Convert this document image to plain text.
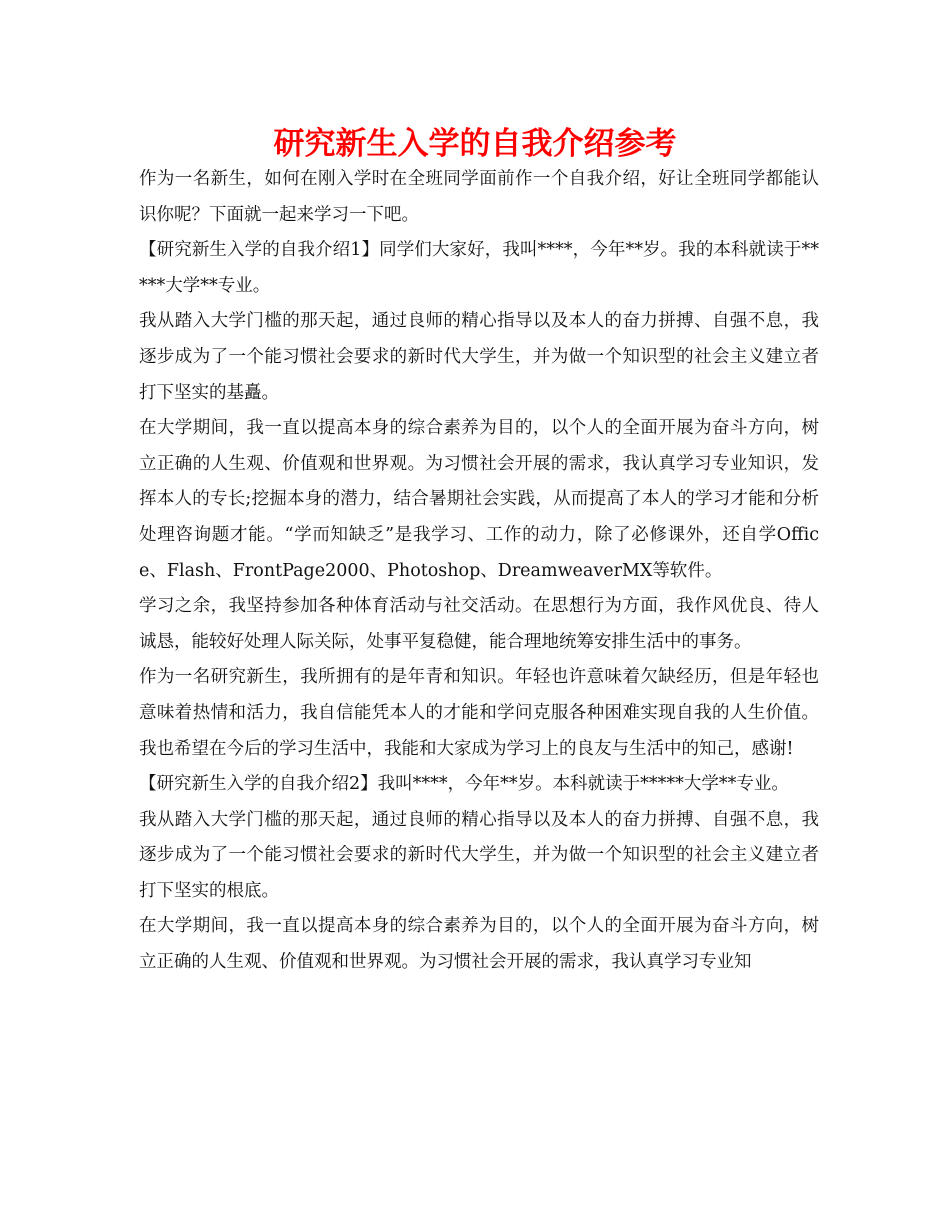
研究新生入学的自我介绍参考

作为一名新生，如何在刚入学时在全班同学面前作一个自我介绍，好让全班同学都能认识你呢？下面就一起来学习一下吧。

【研究新生入学的自我介绍1】同学们大家好，我叫****，今年**岁。我的本科就读于*****大学**专业。

我从踏入大学门槛的那天起，通过良师的精心指导以及本人的奋力拼搏、自强不息，我逐步成为了一个能习惯社会要求的新时代大学生，并为做一个知识型的社会主义建立者打下坚实的基矗。

在大学期间，我一直以提高本身的综合素养为目的，以个人的全面开展为奋斗方向，树立正确的人生观、价值观和世界观。为习惯社会开展的需求，我认真学习专业知识，发挥本人的专长;挖掘本身的潜力，结合暑期社会实践，从而提高了本人的学习才能和分析处理咨询题才能。“学而知缺乏”是我学习、工作的动力，除了必修课外，还自学Office、Flash、FrontPage2000、Photoshop、DreamweaverMX等软件。

学习之余，我坚持参加各种体育活动与社交活动。在思想行为方面，我作风优良、待人诚恳，能较好处理人际关际，处事平复稳健，能合理地统筹安排生活中的事务。

作为一名研究新生，我所拥有的是年青和知识。年轻也许意味着欠缺经历，但是年轻也意味着热情和活力，我自信能凭本人的才能和学问克服各种困难实现自我的人生价值。我也希望在今后的学习生活中，我能和大家成为学习上的良友与生活中的知己，感谢!

【研究新生入学的自我介绍2】我叫****，今年**岁。本科就读于*****大学**专业。

我从踏入大学门槛的那天起，通过良师的精心指导以及本人的奋力拼搏、自强不息，我逐步成为了一个能习惯社会要求的新时代大学生，并为做一个知识型的社会主义建立者打下坚实的根底。

在大学期间，我一直以提高本身的综合素养为目的，以个人的全面开展为奋斗方向，树立正确的人生观、价值观和世界观。为习惯社会开展的需求，我认真学习专业知
